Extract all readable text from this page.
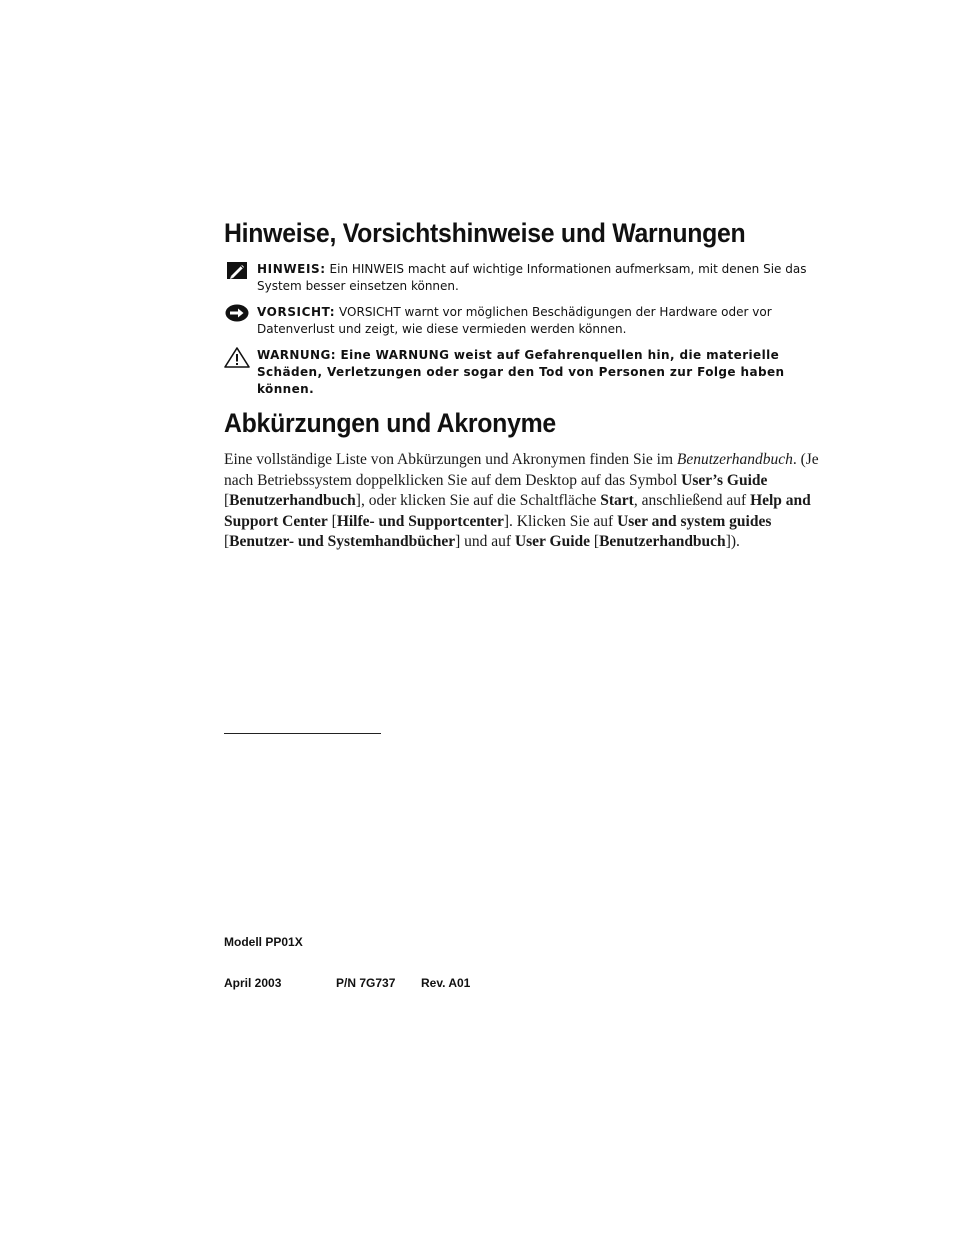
Hinweise, Vorsichtshinweise und Warnungen
HINWEIS: Ein HINWEIS macht auf wichtige Informationen aufmerksam, mit denen Sie das System besser einsetzen können.
VORSICHT: VORSICHT warnt vor möglichen Beschädigungen der Hardware oder vor Datenverlust und zeigt, wie diese vermieden werden können.
WARNUNG: Eine WARNUNG weist auf Gefahrenquellen hin, die materielle Schäden, Verletzungen oder sogar den Tod von Personen zur Folge haben können.
Abkürzungen und Akronyme
Eine vollständige Liste von Abkürzungen und Akronymen finden Sie im Benutzerhandbuch. (Je nach Betriebssystem doppelklicken Sie auf dem Desktop auf das Symbol User’s Guide [Benutzerhandbuch], oder klicken Sie auf die Schaltfläche Start, anschließend auf Help and Support Center [Hilfe- und Supportcenter]. Klicken Sie auf User and system guides [Benutzer- und Systemhandbücher] und auf User Guide [Benutzerhandbuch]).
Modell PP01X
April 2003	P/N 7G737 Rev. A01
